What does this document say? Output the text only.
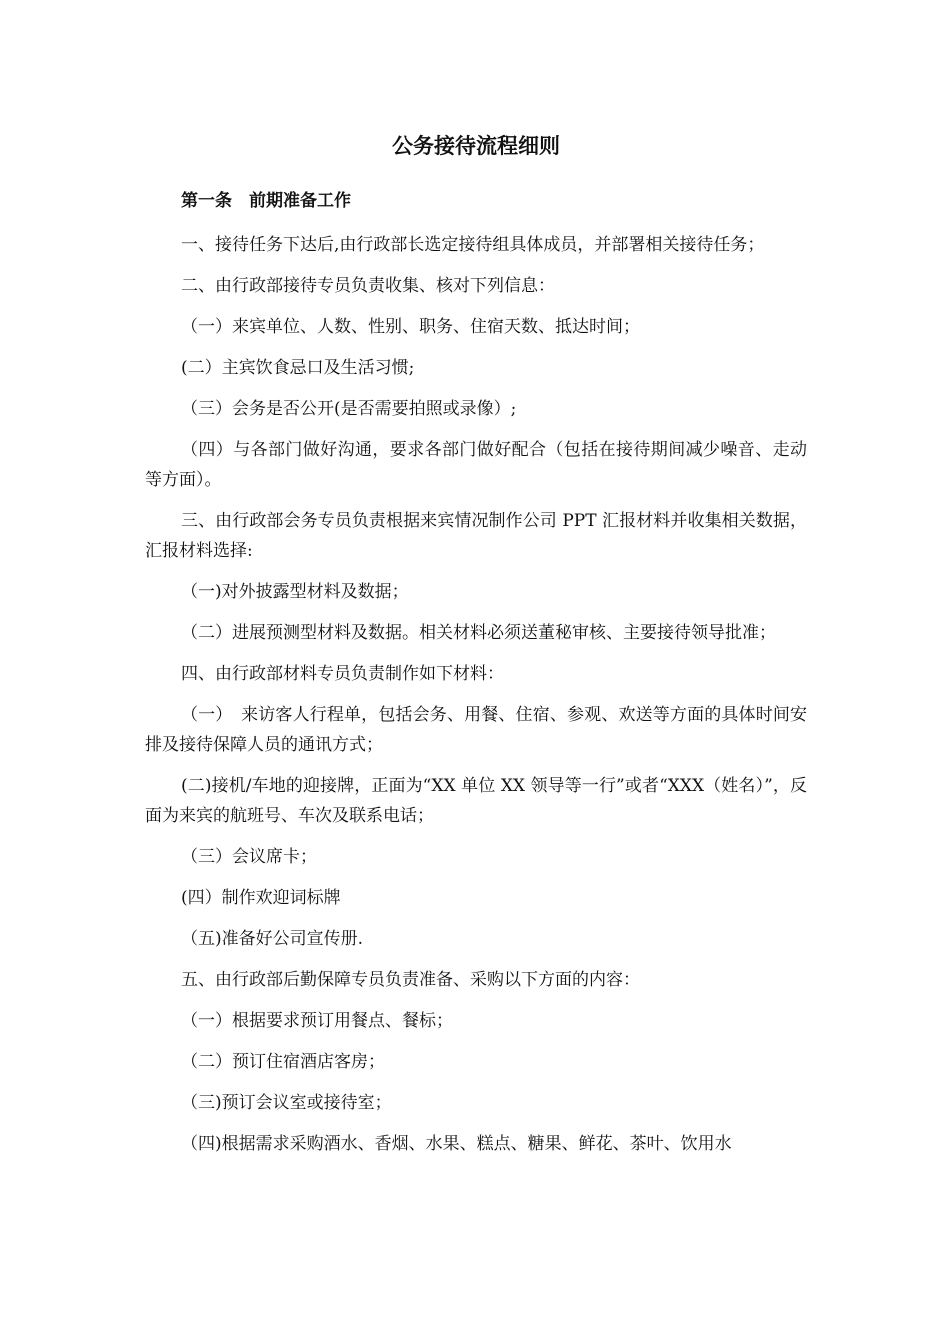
公务接待流程细则
第一条　前期准备工作

一、接待任务下达后,由行政部长选定接待组具体成员，并部署相关接待任务；

二、由行政部接待专员负责收集、核对下列信息：

（一）来宾单位、人数、性别、职务、住宿天数、抵达时间；

(二）主宾饮食忌口及生活习惯;

（三）会务是否公开(是否需要拍照或录像）;

（四）与各部门做好沟通，要求各部门做好配合（包括在接待期间减少噪音、走动等方面）。

三、由行政部会务专员负责根据来宾情况制作公司 PPT 汇报材料并收集相关数据，汇报材料选择:

（一)对外披露型材料及数据；

（二）进展预测型材料及数据。相关材料必须送董秘审核、主要接待领导批准；

四、由行政部材料专员负责制作如下材料：

（一）　来访客人行程单，包括会务、用餐、住宿、参观、欢送等方面的具体时间安排及接待保障人员的通讯方式；

(二)接机/车地的迎接牌，正面为“XX 单位 XX 领导等一行”或者“XXX（姓名）”，反面为来宾的航班号、车次及联系电话；

（三）会议席卡；

(四）制作欢迎词标牌

（五)准备好公司宣传册.

五、由行政部后勤保障专员负责准备、采购以下方面的内容：

（一）根据要求预订用餐点、餐标；

（二）预订住宿酒店客房；

（三)预订会议室或接待室；

（四)根据需求采购酒水、香烟、水果、糕点、糖果、鲜花、茶叶、饮用水
